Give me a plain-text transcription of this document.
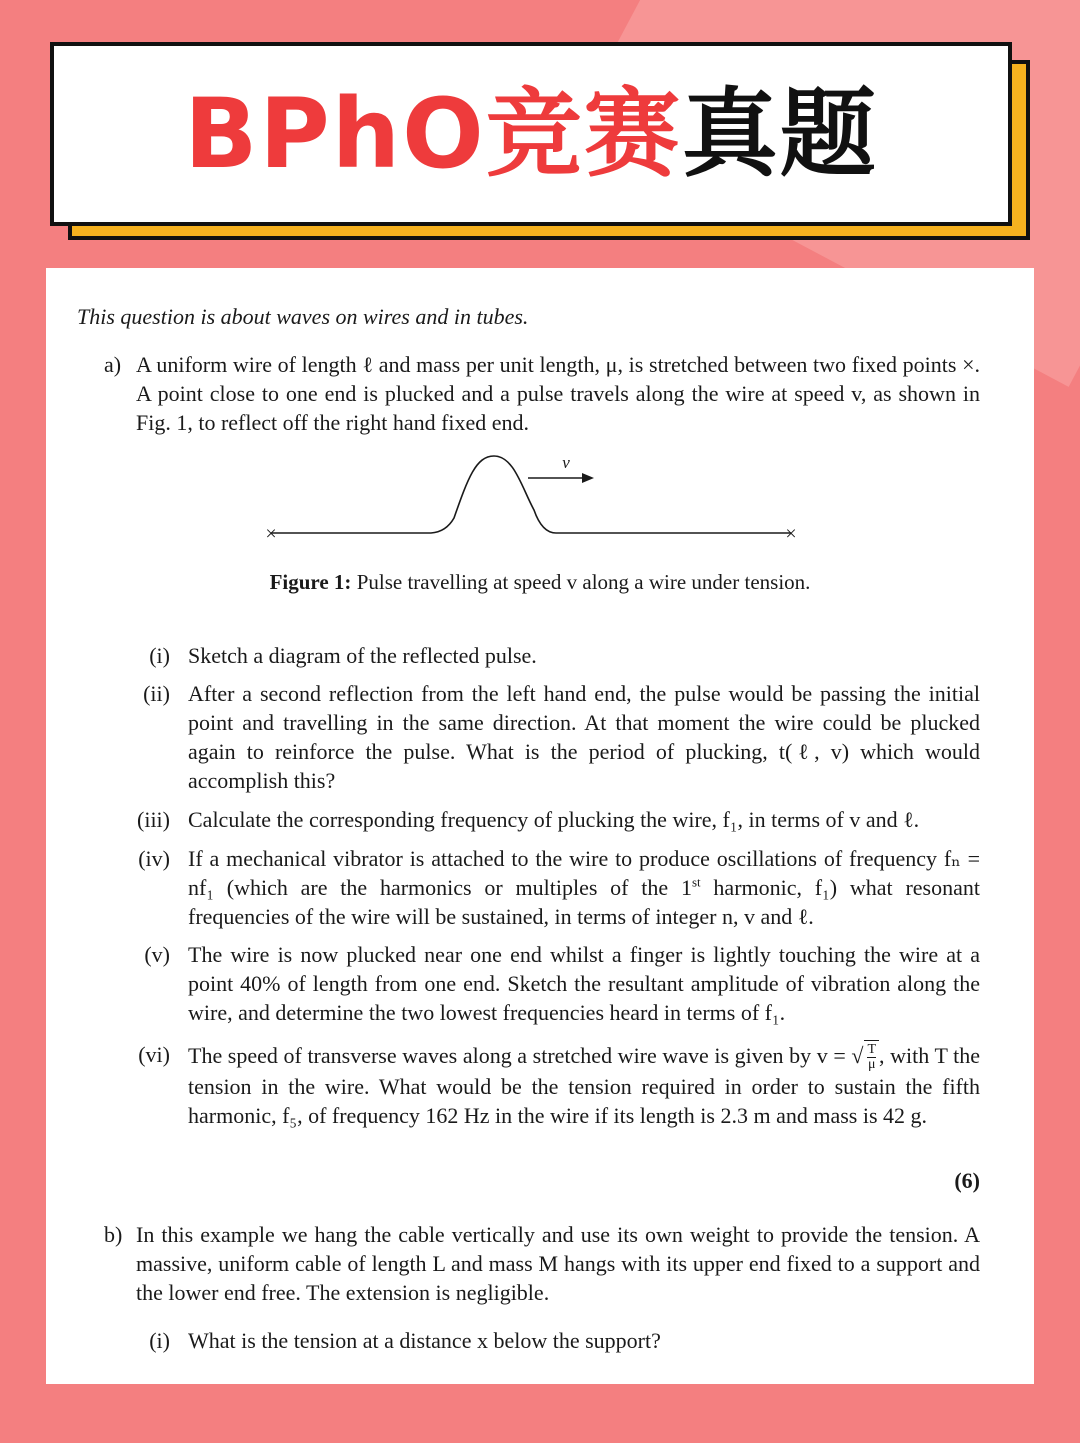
BPhO竞赛真题
This question is about waves on wires and in tubes.
a) A uniform wire of length ℓ and mass per unit length, μ, is stretched between two fixed points ×. A point close to one end is plucked and a pulse travels along the wire at speed v, as shown in Fig. 1, to reflect off the right hand fixed end.
×	×
v
Figure 1: Pulse travelling at speed v along a wire under tension.
(i) Sketch a diagram of the reflected pulse.
(ii) After a second reflection from the left hand end, the pulse would be passing the initial point and travelling in the same direction. At that moment the wire could be plucked again to reinforce the pulse. What is the period of plucking, t(ℓ, v) which would accomplish this?
(iii) Calculate the corresponding frequency of plucking the wire, f₁, in terms of v and ℓ.
(iv) If a mechanical vibrator is attached to the wire to produce oscillations of frequency fₙ = nf₁ (which are the harmonics or multiples of the 1st harmonic, f₁) what resonant frequencies of the wire will be sustained, in terms of integer n, v and ℓ.
(v) The wire is now plucked near one end whilst a finger is lightly touching the wire at a point 40% of length from one end. Sketch the resultant amplitude of vibration along the wire, and determine the two lowest frequencies heard in terms of f₁.
(vi) The speed of transverse waves along a stretched wire wave is given by v = √ $\frac{T}{\mu}$ , with T the tension in the wire. What would be the tension required in order to sustain the fifth harmonic, f₅, of frequency 162 Hz in the wire if its length is 2.3 m and mass is 42 g.
(6)
b) In this example we hang the cable vertically and use its own weight to provide the tension. A massive, uniform cable of length L and mass M hangs with its upper end fixed to a support and the lower end free. The extension is negligible.
(i) What is the tension at a distance x below the support?
